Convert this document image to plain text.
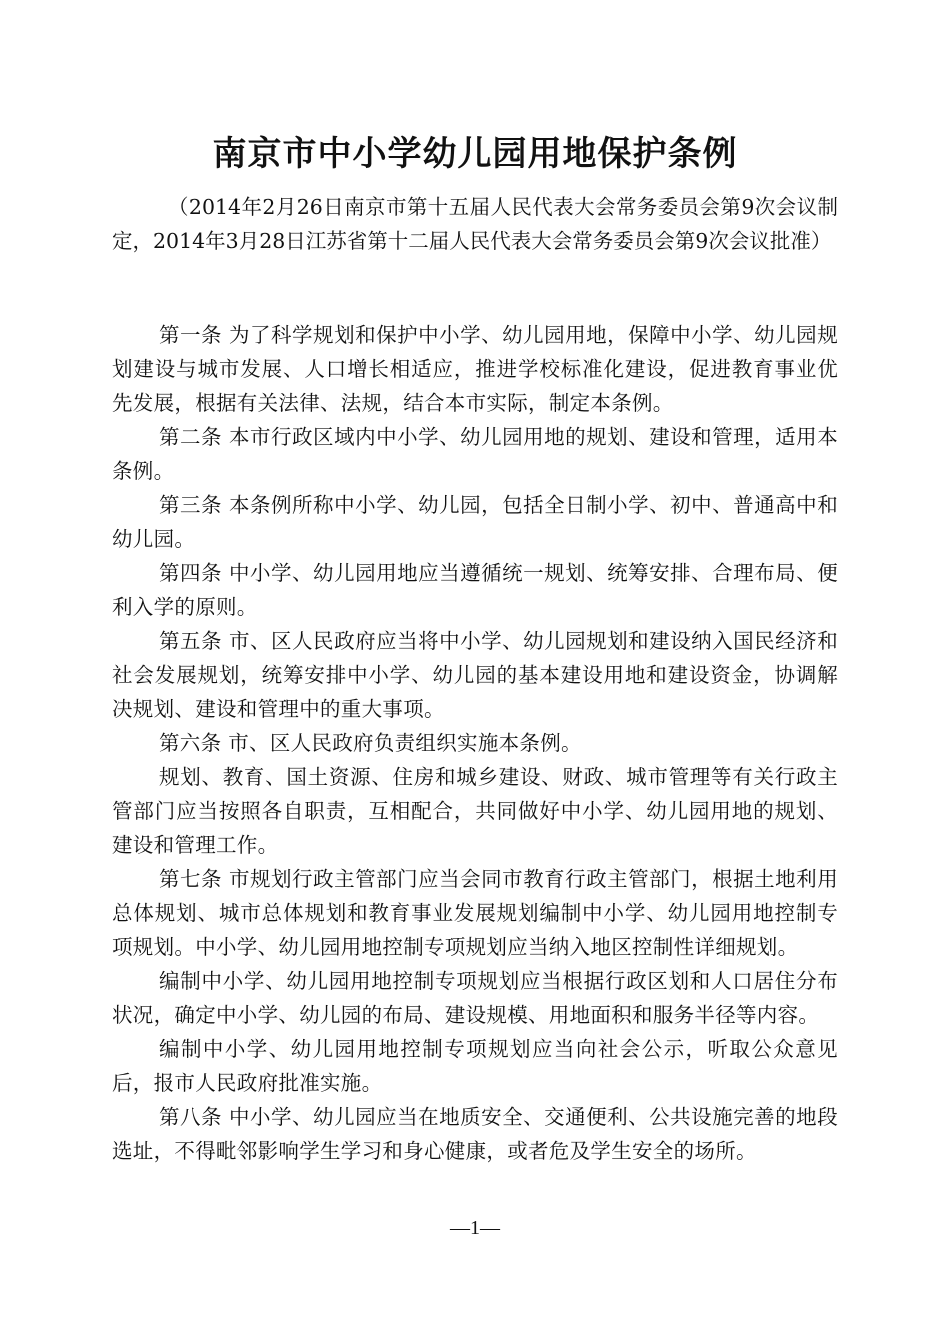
南京市中小学幼儿园用地保护条例
（2014年2月26日南京市第十五届人民代表大会常务委员会第9次会议制定，2014年3月28日江苏省第十二届人民代表大会常务委员会第9次会议批准）

第一条 为了科学规划和保护中小学、幼儿园用地，保障中小学、幼儿园规划建设与城市发展、人口增长相适应，推进学校标准化建设，促进教育事业优先发展，根据有关法律、法规，结合本市实际，制定本条例。

第二条 本市行政区域内中小学、幼儿园用地的规划、建设和管理，适用本条例。

第三条 本条例所称中小学、幼儿园，包括全日制小学、初中、普通高中和幼儿园。

第四条 中小学、幼儿园用地应当遵循统一规划、统筹安排、合理布局、便利入学的原则。

第五条 市、区人民政府应当将中小学、幼儿园规划和建设纳入国民经济和社会发展规划，统筹安排中小学、幼儿园的基本建设用地和建设资金，协调解决规划、建设和管理中的重大事项。

第六条 市、区人民政府负责组织实施本条例。

规划、教育、国土资源、住房和城乡建设、财政、城市管理等有关行政主管部门应当按照各自职责，互相配合，共同做好中小学、幼儿园用地的规划、建设和管理工作。

第七条 市规划行政主管部门应当会同市教育行政主管部门，根据土地利用总体规划、城市总体规划和教育事业发展规划编制中小学、幼儿园用地控制专项规划。中小学、幼儿园用地控制专项规划应当纳入地区控制性详细规划。

编制中小学、幼儿园用地控制专项规划应当根据行政区划和人口居住分布状况，确定中小学、幼儿园的布局、建设规模、用地面积和服务半径等内容。

编制中小学、幼儿园用地控制专项规划应当向社会公示，听取公众意见后，报市人民政府批准实施。

第八条 中小学、幼儿园应当在地质安全、交通便利、公共设施完善的地段选址，不得毗邻影响学生学习和身心健康，或者危及学生安全的场所。

—1—
